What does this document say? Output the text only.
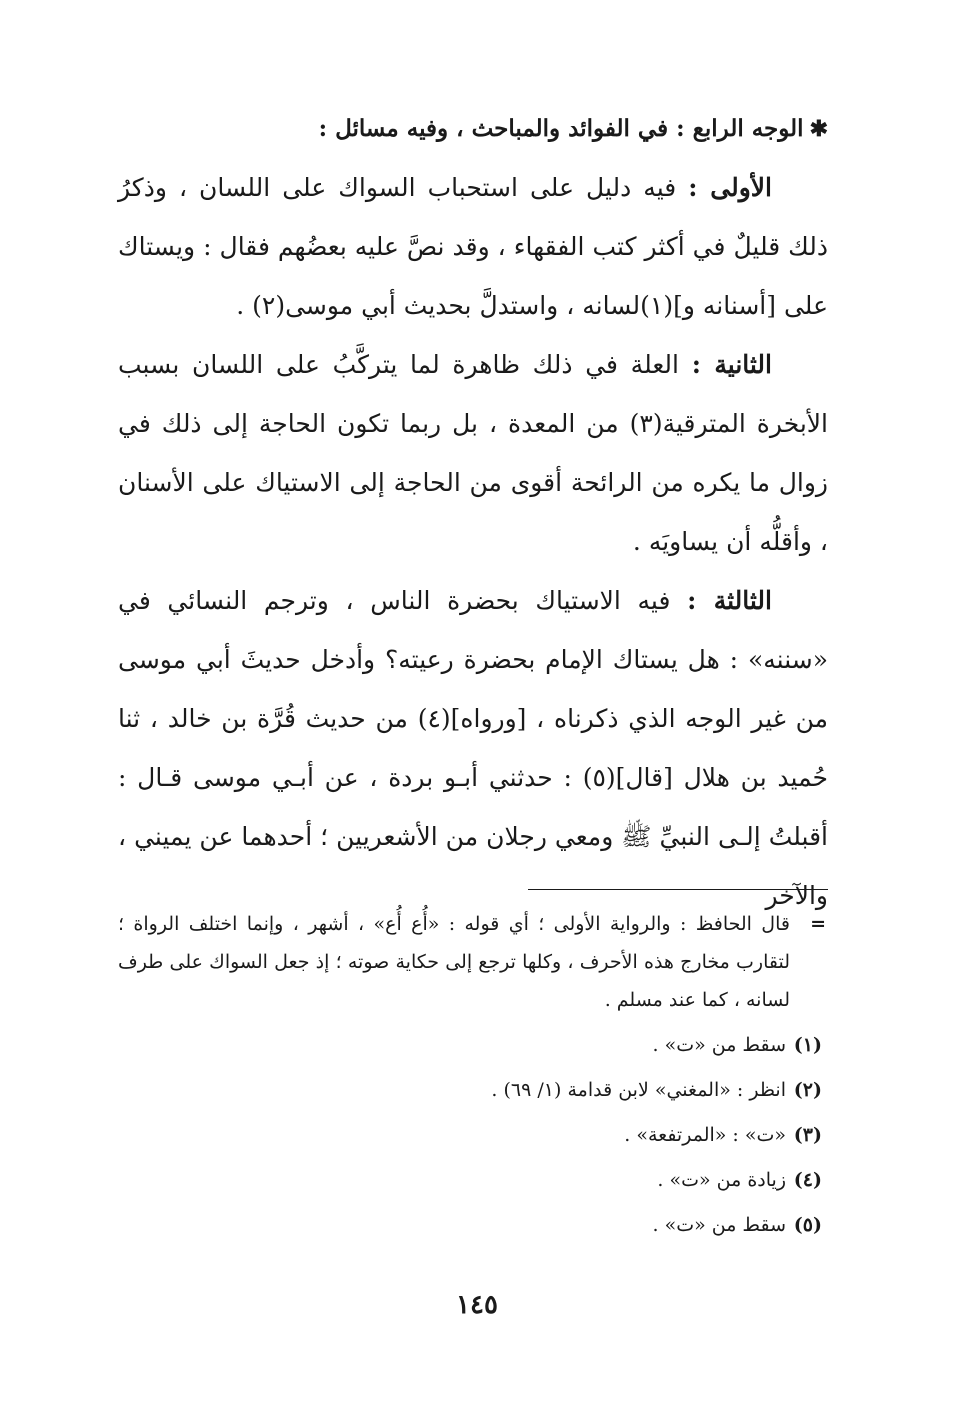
✱الوجه الرابع : في الفوائد والمباحث ، وفيه مسائل :

الأولى : فيه دليل على استحباب السواك على اللسان ، وذكرُ ذلك قليلٌ في أكثر كتب الفقهاء ، وقد نصَّ عليه بعضُهم فقال : ويستاك على [أسنانه و](١)لسانه ، واستدلَّ بحديث أبي موسى(٢) .

الثانية : العلة في ذلك ظاهرة لما يتركَّبُ على اللسان بسبب الأبخرة المترقية(٣) من المعدة ، بل ربما تكون الحاجة إلى ذلك في زوال ما يكره من الرائحة أقوى من الحاجة إلى الاستياك على الأسنان ، وأقلُّه أن يساويَه .

الثالثة : فيه الاستياك بحضرة الناس ، وترجم النسائي في «سننه» : هل يستاك الإمام بحضرة رعيته؟ وأدخل حديثَ أبي موسى من غير الوجه الذي ذكرناه ، [ورواه](٤) من حديث قُرَّة بن خالد ، ثنا حُميد بن هلال [قال](٥) : حدثني أبـو بردة ، عن أبـي موسى قـال : أقبلتُ إلـى النبيِّ ﷺ ومعي رجلان من الأشعريين ؛ أحدهما عن يميني ، والآخر

=
قال الحافظ : والرواية الأولى ؛ أي قوله : «أُع أُع» ، أشهر ، وإنما اختلف الرواة ؛ لتقارب مخارج هذه الأحرف ، وكلها ترجع إلى حكاية صوته ؛ إذ جعل السواك على طرف لسانه ، كما عند مسلم .
(١)سقط من «ت» .
(٢)انظر : «المغني» لابن قدامة (١/ ٦٩) .
(٣)«ت» : «المرتفعة» .
(٤)زيادة من «ت» .
(٥)سقط من «ت» .
١٤٥
